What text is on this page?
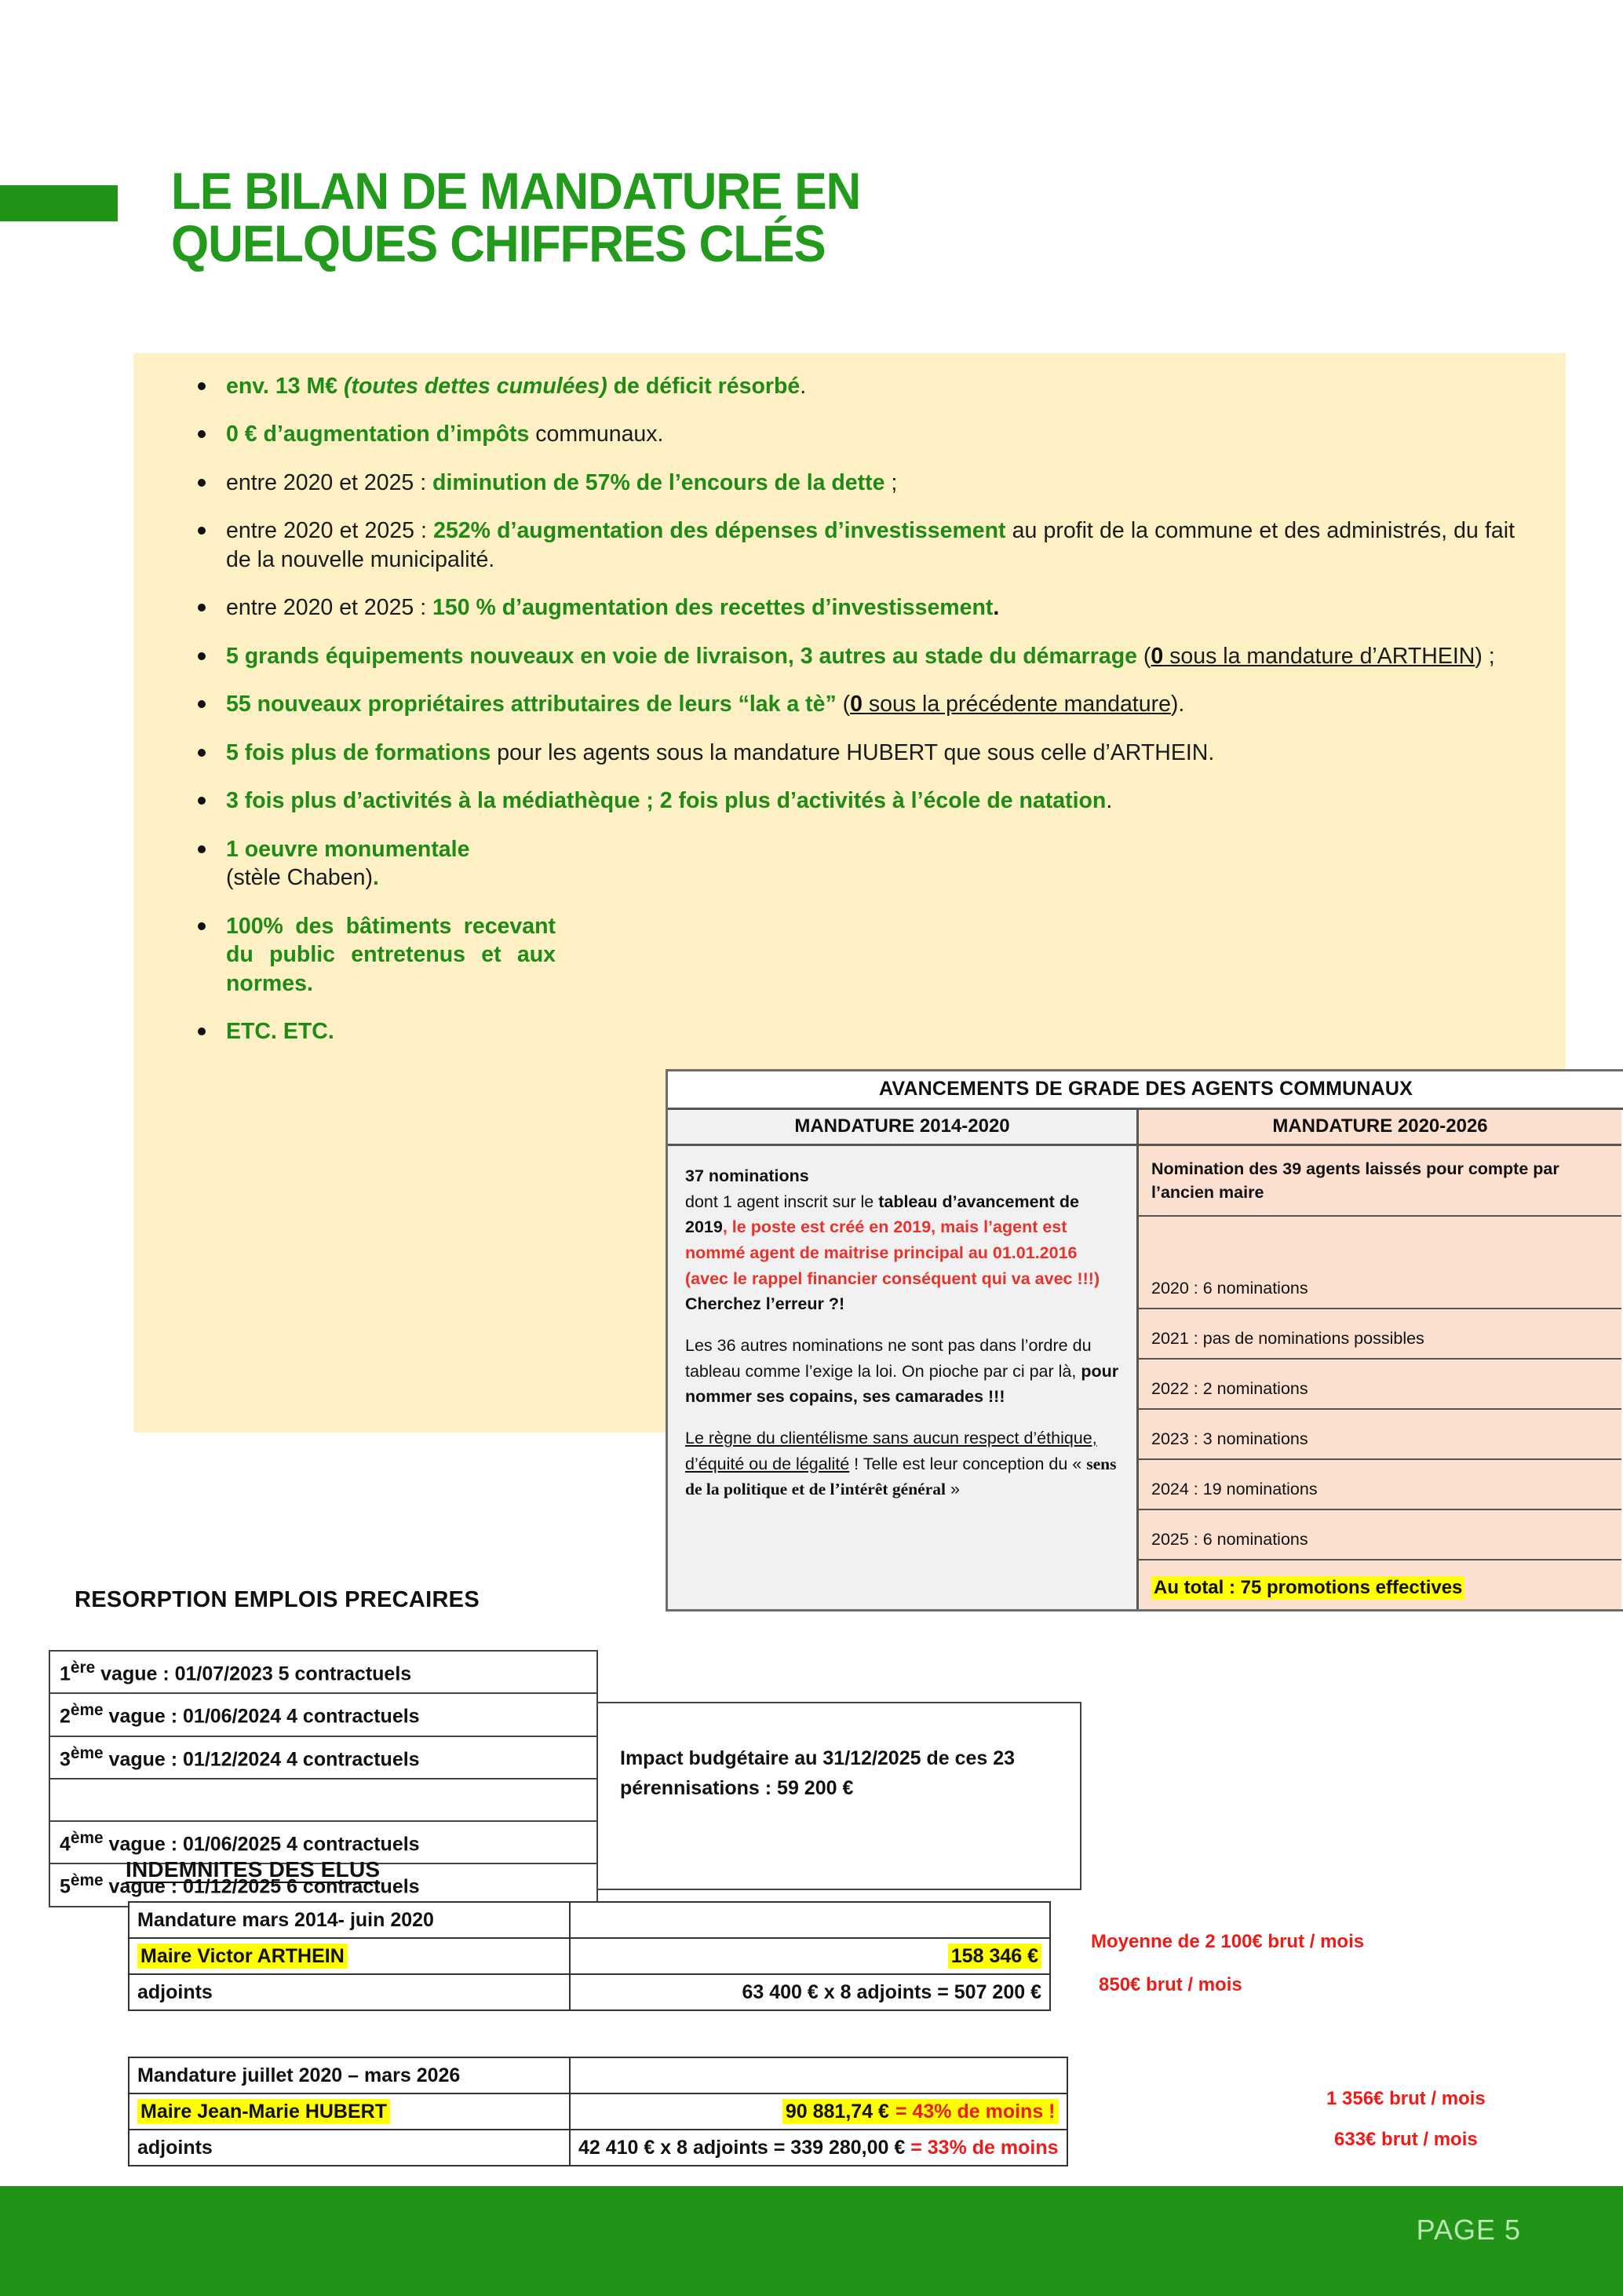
LE BILAN DE MANDATURE EN
QUELQUES CHIFFRES CLÉS
env. 13 M€ (toutes dettes cumulées) de déficit résorbé.
0 € d’augmentation d’impôts communaux.
entre 2020 et 2025 : diminution de 57% de l’encours de la dette ;
entre 2020 et 2025 : 252% d’augmentation des dépenses d’investissement au profit de la commune et des administrés, du fait de la nouvelle municipalité.
entre 2020 et 2025 : 150 % d’augmentation des recettes d’investissement.
5 grands équipements nouveaux en voie de livraison, 3 autres au stade du démarrage (0 sous la mandature d’ARTHEIN) ;
55 nouveaux propriétaires attributaires de leurs “lak a tè” (0 sous la précédente mandature).
5 fois plus de formations pour les agents sous la mandature HUBERT que sous celle d’ARTHEIN.
3 fois plus d’activités à la médiathèque ; 2 fois plus d’activités à l’école de natation.
1 oeuvre monumentale
(stèle Chaben).
100% des bâtiments recevant du public entretenus et aux normes.
ETC. ETC.
AVANCEMENTS DE GRADE DES AGENTS COMMUNAUX
MANDATURE 2014-2020

37 nominations
dont 1 agent inscrit sur le tableau d’avancement de 2019, le poste est créé en 2019, mais l’agent est nommé agent de maitrise principal au 01.01.2016 (avec le rappel financier conséquent qui va avec !!!) Cherchez l’erreur ?!

Les 36 autres nominations ne sont pas dans l’ordre du tableau comme l’exige la loi. On pioche par ci par là, pour nommer ses copains, ses camarades !!!

Le règne du clientélisme sans aucun respect d’éthique, d’équité ou de légalité ! Telle est leur conception du « sens de la politique et de l’intérêt général »

MANDATURE 2020-2026
Nomination des 39 agents laissés pour compte par l’ancien maire
2020 : 6 nominations
2021 : pas de nominations possibles
2022 : 2 nominations
2023 : 3 nominations
2024 : 19 nominations
2025 : 6 nominations
Au total : 75 promotions effectives
RESORPTION EMPLOIS PRECAIRES
1ère vague : 01/07/2023 5 contractuels
2ème vague : 01/06/2024 4 contractuels
3ème vague : 01/12/2024 4 contractuels

4ème vague : 01/06/2025 4 contractuels
5ème vague : 01/12/2025 6 contractuels
Impact budgétaire au 31/12/2025 de ces 23 pérennisations : 59 200 €
INDEMNITES DES ELUS
Mandature mars 2014- juin 2020	
Maire Victor ARTHEIN	158 346 €
adjoints	63 400 € x 8 adjoints = 507 200 €
Moyenne de 2 100€ brut / mois
850€ brut / mois
Mandature juillet 2020 – mars 2026	
Maire Jean-Marie HUBERT	90 881,74 € = 43% de moins !
adjoints	42 410 € x 8 adjoints = 339 280,00 € = 33% de moins
1 356€ brut / mois
633€ brut / mois
PAGE 5
